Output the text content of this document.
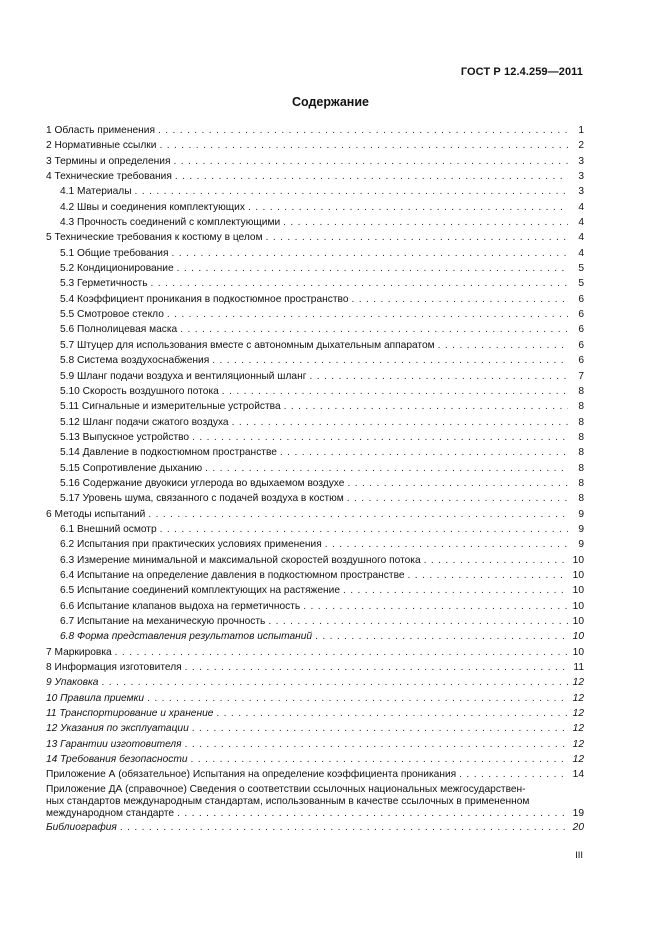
ГОСТ Р 12.4.259—2011
Содержание
1 Область применения . . .	1
2 Нормативные ссылки . . .	2
3 Термины и определения . . .	3
4 Технические требования . . .	3
4.1 Материалы . . .	3
4.2 Швы и соединения комплектующих . . .	4
4.3 Прочность соединений с комплектующими . . .	4
5 Технические требования к костюму в целом . . .	4
5.1 Общие требования . . .	4
5.2 Кондиционирование . . .	5
5.3 Герметичность . . .	5
5.4 Коэффициент проникания в подкостюмное пространство . . .	6
5.5 Смотровое стекло . . .	6
5.6 Полнолицевая маска . . .	6
5.7 Штуцер для использования вместе с автономным дыхательным аппаратом . . .	6
5.8 Система воздухоснабжения . . .	6
5.9 Шланг подачи воздуха и вентиляционный шланг . . .	7
5.10 Скорость воздушного потока . . .	8
5.11 Сигнальные и измерительные устройства . . .	8
5.12 Шланг подачи сжатого воздуха . . .	8
5.13 Выпускное устройство . . .	8
5.14 Давление в подкостюмном пространстве . . .	8
5.15 Сопротивление дыханию . . .	8
5.16 Содержание двуокиси углерода во вдыхаемом воздухе . . .	8
5.17 Уровень шума, связанного с подачей воздуха в костюм . . .	8
6 Методы испытаний . . .	9
6.1 Внешний осмотр . . .	9
6.2 Испытания при практических условиях применения . . .	9
6.3 Измерение минимальной и максимальной скоростей воздушного потока . . .	10
6.4 Испытание на определение давления в подкостюмном пространстве . . .	10
6.5 Испытание соединений комплектующих на растяжение . . .	10
6.6 Испытание клапанов выдоха на герметичность . . .	10
6.7 Испытание на механическую прочность . . .	10
6.8 Форма представления результатов испытаний . . .	10
7 Маркировка . . .	10
8 Информация изготовителя . . .	11
9 Упаковка . . .	12
10 Правила приемки . . .	12
11 Транспортирование и хранение . . .	12
12 Указания по эксплуатации . . .	12
13 Гарантии изготовителя . . .	12
14 Требования безопасности . . .	12
Приложение А (обязательное) Испытания на определение коэффициента проникания . . .	14
Приложение ДА (справочное) Сведения о соответствии ссылочных национальных межгосударствен-
ных стандартов международным стандартам, использованным в качестве ссылочных в примененном
международном стандарте . . .	19
Библиография . . .	20
III
